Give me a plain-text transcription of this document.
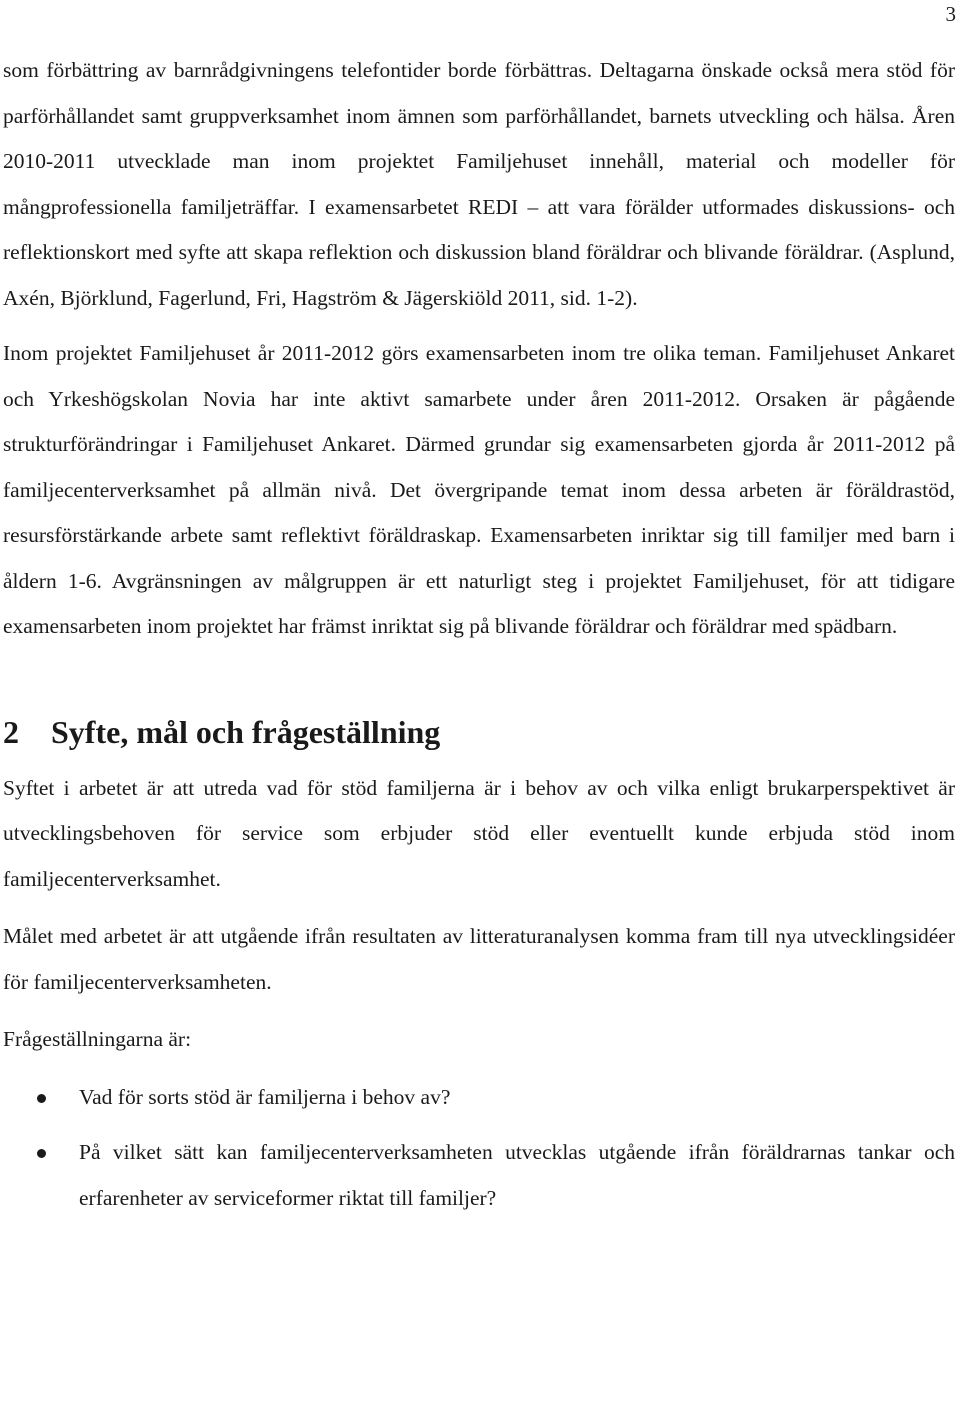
3

som förbättring av barnrådgivningens telefontider borde förbättras. Deltagarna önskade också mera stöd för parförhållandet samt gruppverksamhet inom ämnen som parförhållandet, barnets utveckling och hälsa. Åren 2010-2011 utvecklade man inom projektet Familjehuset innehåll, material och modeller för mångprofessionella familjeträffar. I examensarbetet REDI – att vara förälder utformades diskussions- och reflektionskort med syfte att skapa reflektion och diskussion bland föräldrar och blivande föräldrar. (Asplund, Axén, Björklund, Fagerlund, Fri, Hagström & Jägerskiöld 2011, sid. 1-2).

Inom projektet Familjehuset år 2011-2012 görs examensarbeten inom tre olika teman. Familjehuset Ankaret och Yrkeshögskolan Novia har inte aktivt samarbete under åren 2011-2012. Orsaken är pågående strukturförändringar i Familjehuset Ankaret. Därmed grundar sig examensarbeten gjorda år 2011-2012 på familjecenterverksamhet på allmän nivå. Det övergripande temat inom dessa arbeten är föräldrastöd, resursförstärkande arbete samt reflektivt föräldraskap. Examensarbeten inriktar sig till familjer med barn i åldern 1-6. Avgränsningen av målgruppen är ett naturligt steg i projektet Familjehuset, för att tidigare examensarbeten inom projektet har främst inriktat sig på blivande föräldrar och föräldrar med spädbarn.

2	Syfte, mål och frågeställning

Syftet i arbetet är att utreda vad för stöd familjerna är i behov av och vilka enligt brukarperspektivet är utvecklingsbehoven för service som erbjuder stöd eller eventuellt kunde erbjuda stöd inom familjecenterverksamhet.

Målet med arbetet är att utgående ifrån resultaten av litteraturanalysen komma fram till nya utvecklingsidéer för familjecenterverksamheten.

Frågeställningarna är:

Vad för sorts stöd är familjerna i behov av?
På vilket sätt kan familjecenterverksamheten utvecklas utgående ifrån föräldrarnas tankar och erfarenheter av serviceformer riktat till familjer?
